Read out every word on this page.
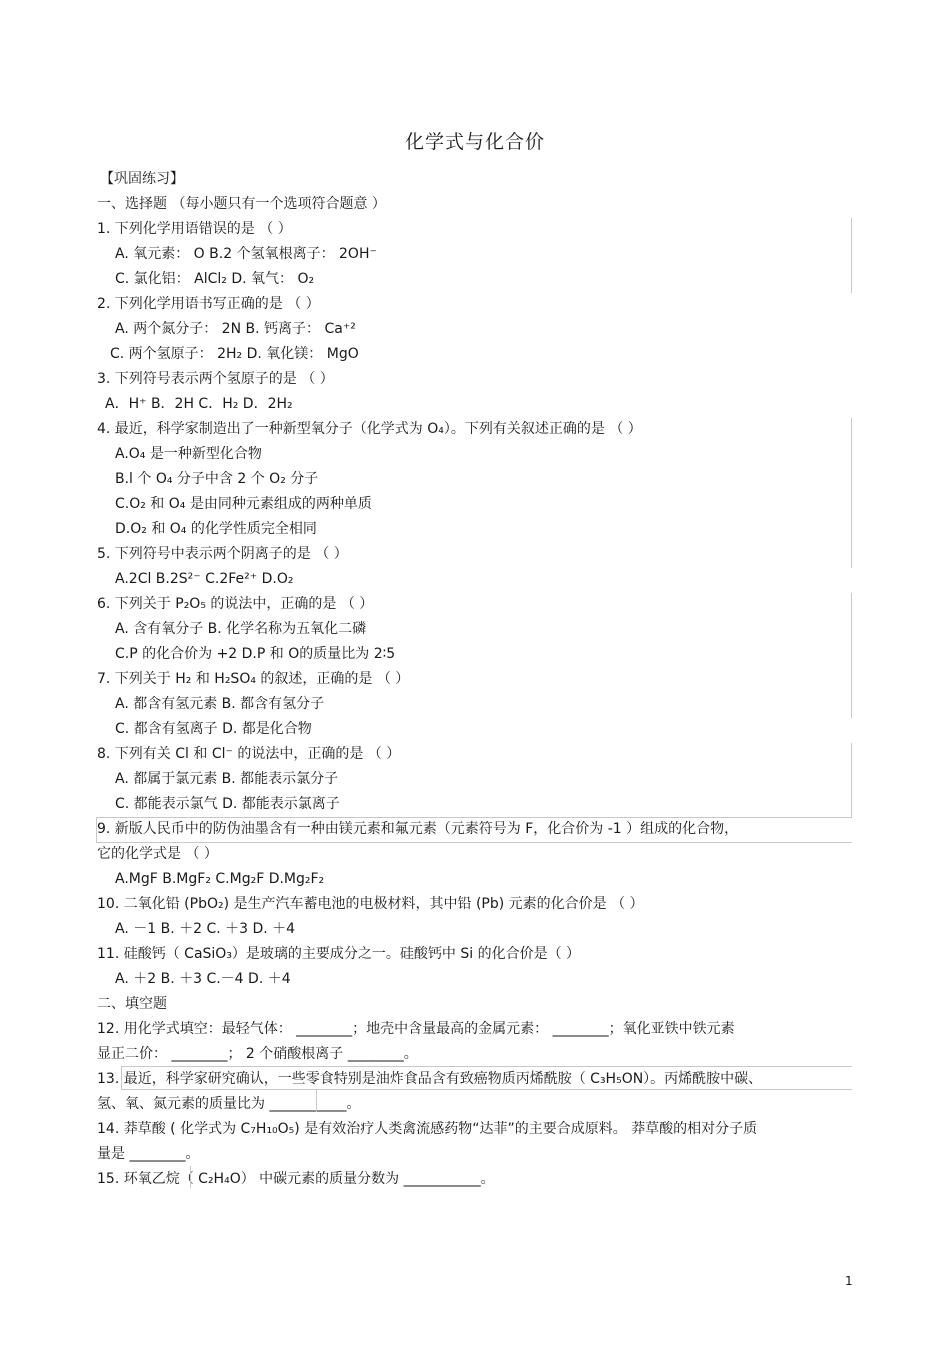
化学式与化合价
【巩固练习】
一、选择题 （每小题只有一个选项符合题意 ）
1. 下列化学用语错误的是 （ ）
A. 氧元素： O B.2 个氢氧根离子： 2OH⁻
C. 氯化铝： AlCl₂ D. 氧气： O₂
2. 下列化学用语书写正确的是 （ ）
A. 两个氮分子： 2N B. 钙离子： Ca⁺²
C. 两个氢原子： 2H₂ D. 氧化镁： MgO
3. 下列符号表示两个氢原子的是 （ ）
A．H⁺ B．2H C．H₂ D．2H₂
4. 最近，科学家制造出了一种新型氧分子（化学式为 O₄）。下列有关叙述正确的是 （ ）
A.O₄ 是一种新型化合物
B.l 个 O₄ 分子中含 2 个 O₂ 分子
C.O₂ 和 O₄ 是由同种元素组成的两种单质
D.O₂ 和 O₄ 的化学性质完全相同
5. 下列符号中表示两个阴离子的是 （ ）
A.2Cl B.2S²⁻ C.2Fe²⁺ D.O₂
6. 下列关于 P₂O₅ 的说法中，正确的是 （ ）
A. 含有氧分子 B. 化学名称为五氧化二磷
C.P 的化合价为 +2 D.P 和 O的质量比为 2∶5
7. 下列关于 H₂ 和 H₂SO₄ 的叙述，正确的是 （ ）
A. 都含有氢元素 B. 都含有氢分子
C. 都含有氢离子 D. 都是化合物
8. 下列有关 Cl 和 Cl⁻ 的说法中，正确的是 （ ）
A. 都属于氯元素 B. 都能表示氯分子
C. 都能表示氯气 D. 都能表示氯离子
9. 新版人民币中的防伪油墨含有一种由镁元素和氟元素（元素符号为 F，化合价为 -1 ）组成的化合物，
它的化学式是 （ ）
A.MgF B.MgF₂ C.Mg₂F D.Mg₂F₂
10. 二氧化铅 (PbO₂) 是生产汽车蓄电池的电极材料，其中铅 (Pb) 元素的化合价是 （ ）
A. －1 B. ＋2 C. ＋3 D. ＋4
11. 硅酸钙（ CaSiO₃）是玻璃的主要成分之一。硅酸钙中 Si 的化合价是（ ）
A. ＋2 B. ＋3 C.－4 D. ＋4
二、填空题
12. 用化学式填空：最轻气体： ________；地壳中含量最高的金属元素： ________；氧化亚铁中铁元素
显正二价： ________； 2 个硝酸根离子 ________。
13. 最近，科学家研究确认，一些零食特别是油炸食品含有致癌物质丙烯酰胺（ C₃H₅ON）。丙烯酰胺中碳、
氢、氧、氮元素的质量比为 ___________。
14. 莽草酸 ( 化学式为 C₇H₁₀O₅) 是有效治疗人类禽流感药物“达菲”的主要合成原料。 莽草酸的相对分子质
量是 ________。
15. 环氧乙烷（ C₂H₄O） 中碳元素的质量分数为 ___________。
1
